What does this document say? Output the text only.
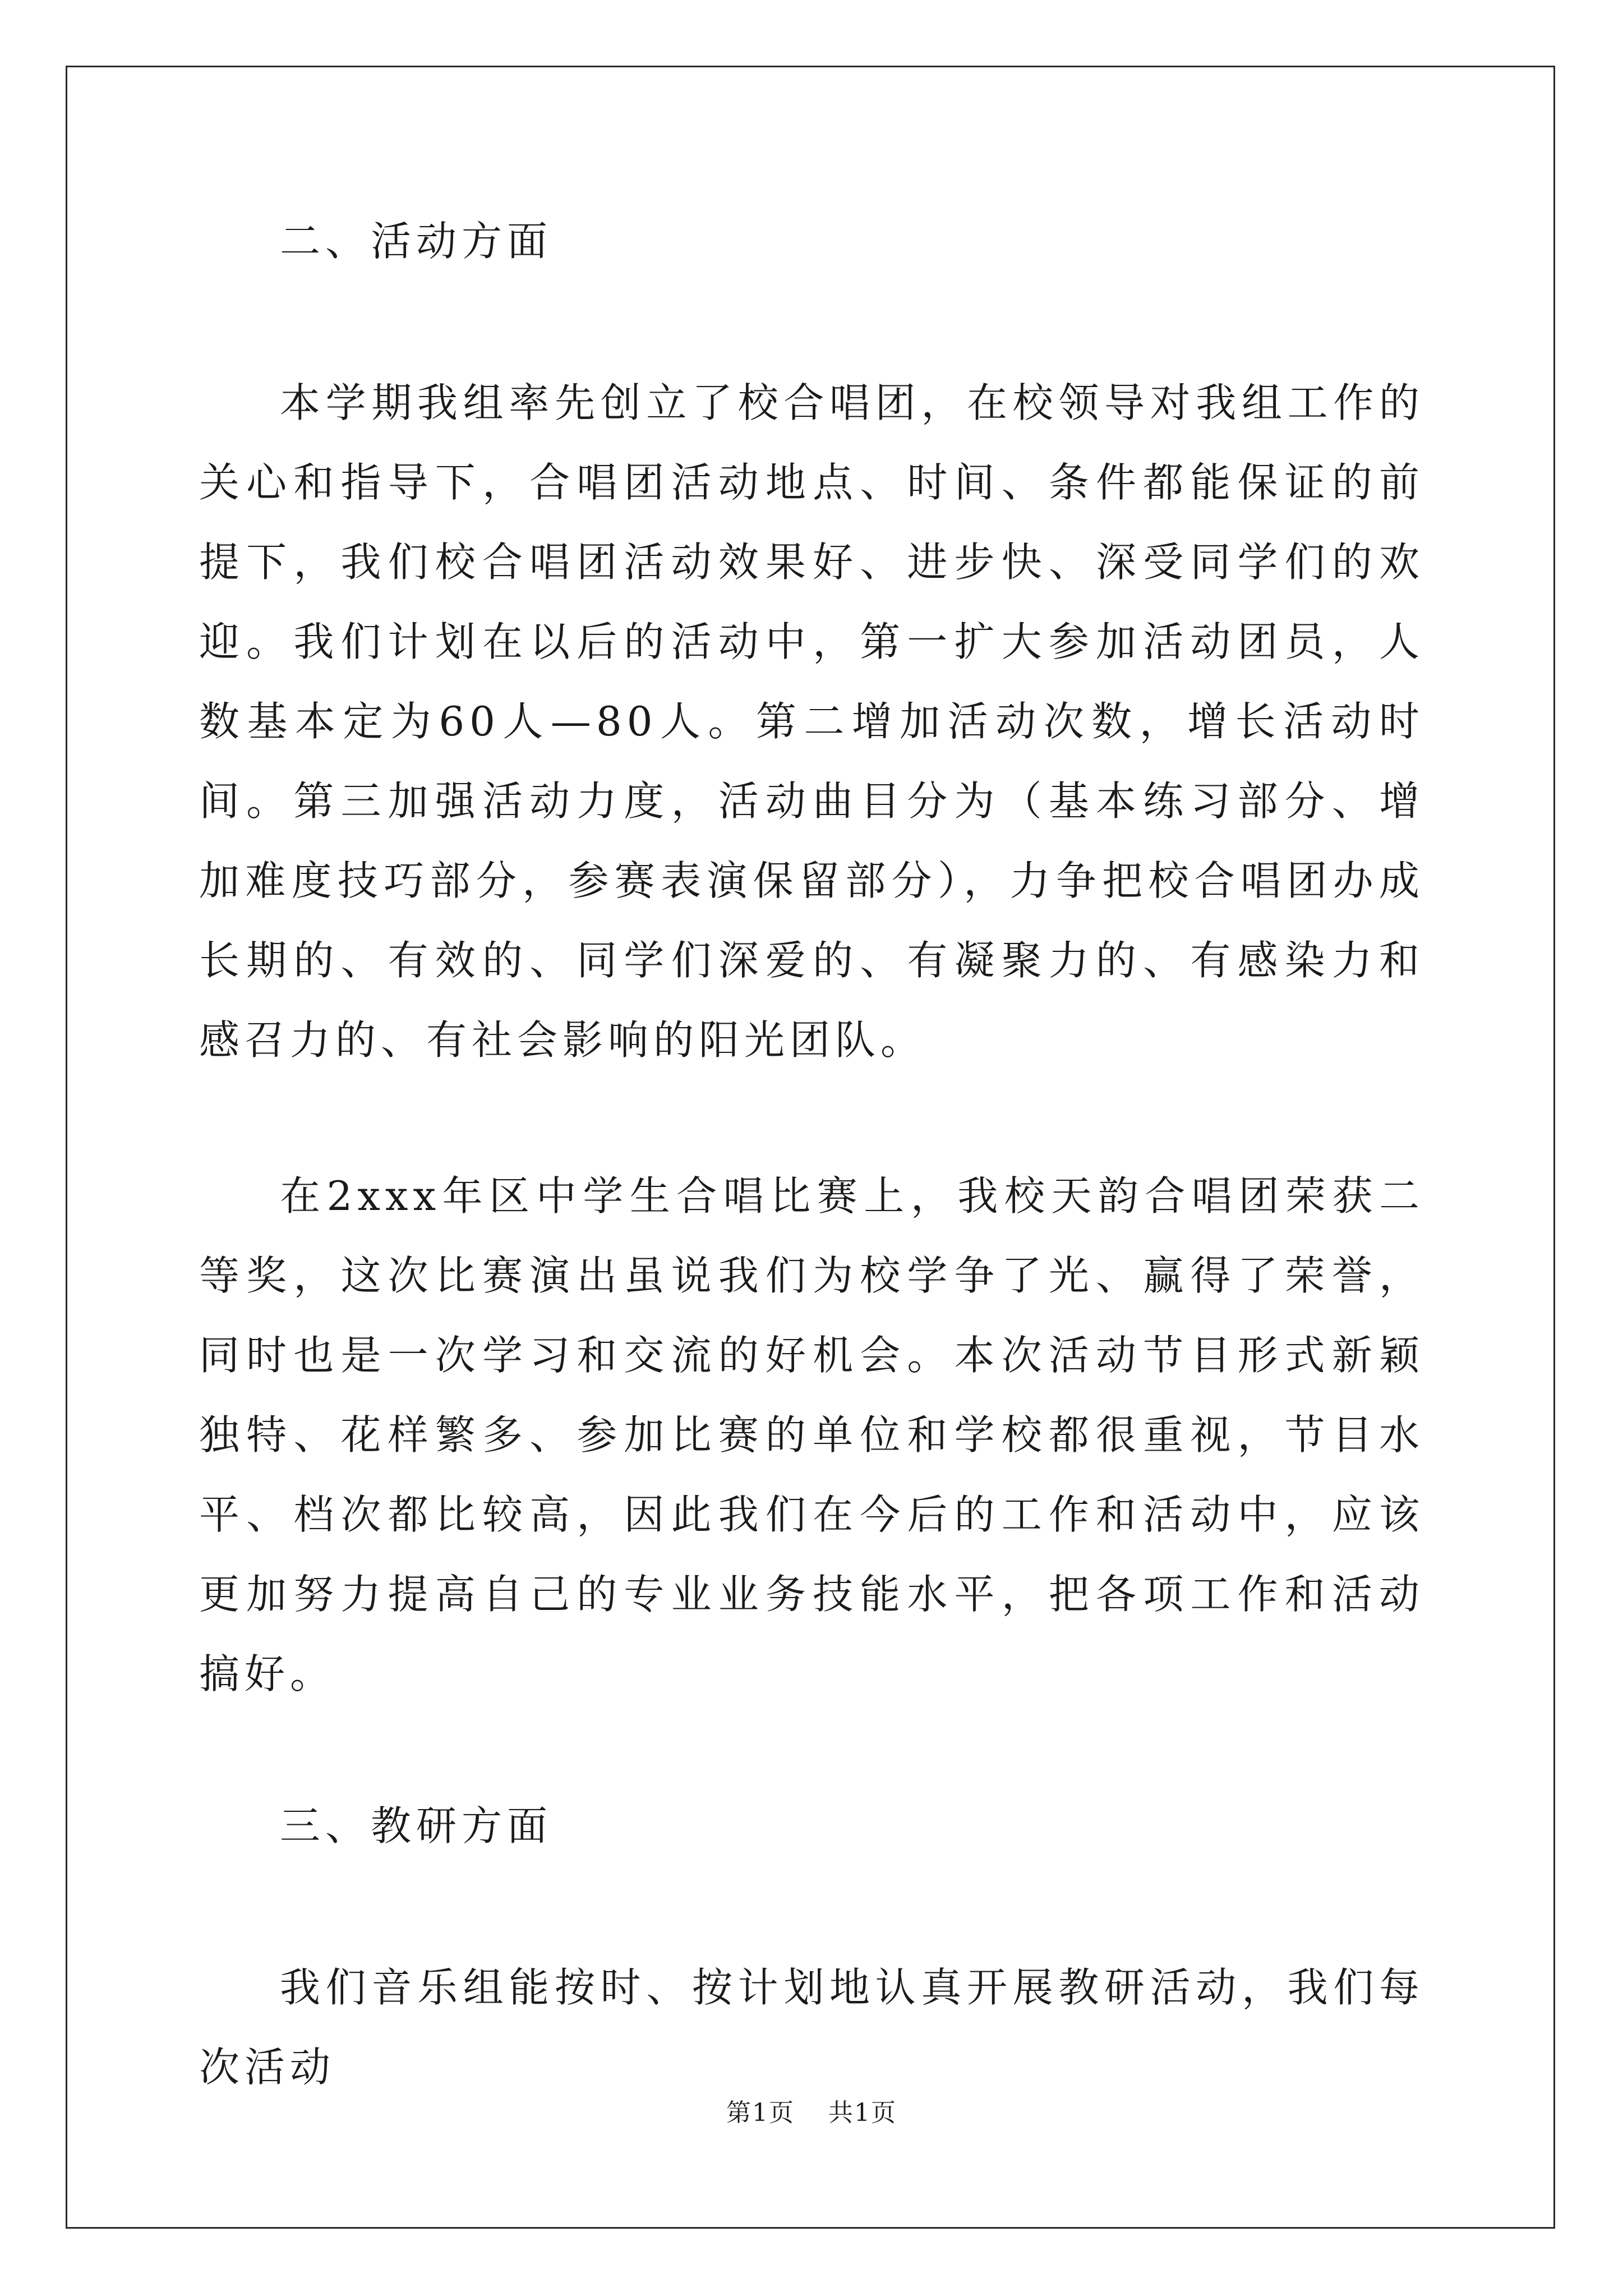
二、活动方面

本学期我组率先创立了校合唱团，在校领导对我组工作的关心和指导下，合唱团活动地点、时间、条件都能保证的前提下，我们校合唱团活动效果好、进步快、深受同学们的欢迎。我们计划在以后的活动中，第一扩大参加活动团员，人数基本定为60人—80人。第二增加活动次数，增长活动时间。第三加强活动力度，活动曲目分为（基本练习部分、增加难度技巧部分，参赛表演保留部分），力争把校合唱团办成长期的、有效的、同学们深爱的、有凝聚力的、有感染力和感召力的、有社会影响的阳光团队。

在2xxx年区中学生合唱比赛上，我校天韵合唱团荣获二等奖，这次比赛演出虽说我们为校学争了光、赢得了荣誉，同时也是一次学习和交流的好机会。本次活动节目形式新颖独特、花样繁多、参加比赛的单位和学校都很重视，节目水平、档次都比较高，因此我们在今后的工作和活动中，应该更加努力提高自己的专业业务技能水平，把各项工作和活动搞好。

三、教研方面

我们音乐组能按时、按计划地认真开展教研活动，我们每次活动

第1页 共1页
